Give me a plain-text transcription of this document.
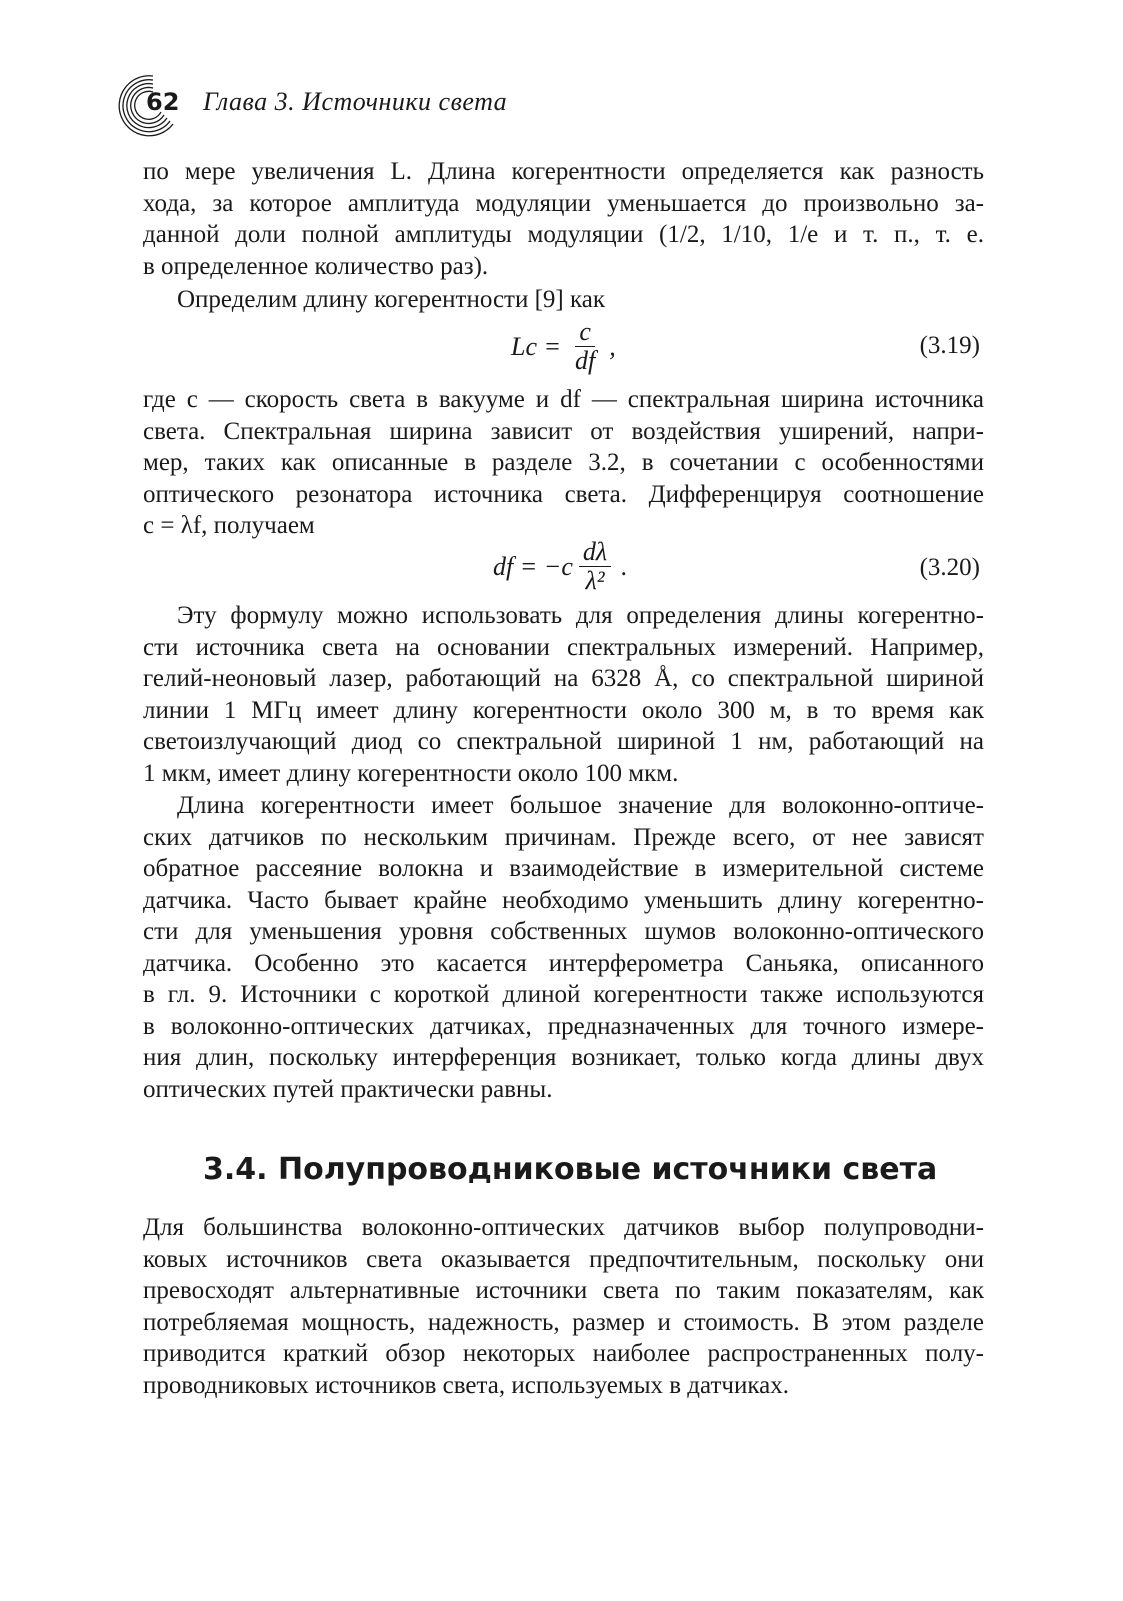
62 Глава 3. Источники света
по мере увеличения L. Длина когерентности определяется как разность
хода, за которое амплитуда модуляции уменьшается до произвольно за-
данной доли полной амплитуды модуляции (1/2, 1/10, 1/e и т. п., т. е.
в определенное количество раз).
Определим длину когерентности [9] как
$Lc = \frac{c}{df}$ ,	(3.19)
где c — скорость света в вакууме и df — спектральная ширина источника
света. Спектральная ширина зависит от воздействия уширений, напри-
мер, таких как описанные в разделе 3.2, в сочетании с особенностями
оптического резонатора источника света. Дифференцируя соотношение
c = λf, получаем
df = $-c \frac{d\lambda}{\text{λ²}}$ .	(3.20)
Эту формулу можно использовать для определения длины когерентно-
сти источника света на основании спектральных измерений. Например,
гелий-неоновый лазер, работающий на 6328 Å, со спектральной шириной
линии 1 МГц имеет длину когерентности около 300 м, в то время как
светоизлучающий диод со спектральной шириной 1 нм, работающий на
1 мкм, имеет длину когерентности около 100 мкм.
Длина когерентности имеет большое значение для волоконно-оптиче-
ских датчиков по нескольким причинам. Прежде всего, от нее зависят
обратное рассеяние волокна и взаимодействие в измерительной системе
датчика. Часто бывает крайне необходимо уменьшить длину когерентно-
сти для уменьшения уровня собственных шумов волоконно-оптического
датчика. Особенно это касается интерферометра Саньяка, описанного
в гл. 9. Источники с короткой длиной когерентности также используются
в волоконно-оптических датчиках, предназначенных для точного измере-
ния длин, поскольку интерференция возникает, только когда длины двух
оптических путей практически равны.
3.4. Полупроводниковые источники света
Для большинства волоконно-оптических датчиков выбор полупроводни-
ковых источников света оказывается предпочтительным, поскольку они
превосходят альтернативные источники света по таким показателям, как
потребляемая мощность, надежность, размер и стоимость. В этом разделе
приводится краткий обзор некоторых наиболее распространенных полу-
проводниковых источников света, используемых в датчиках.
